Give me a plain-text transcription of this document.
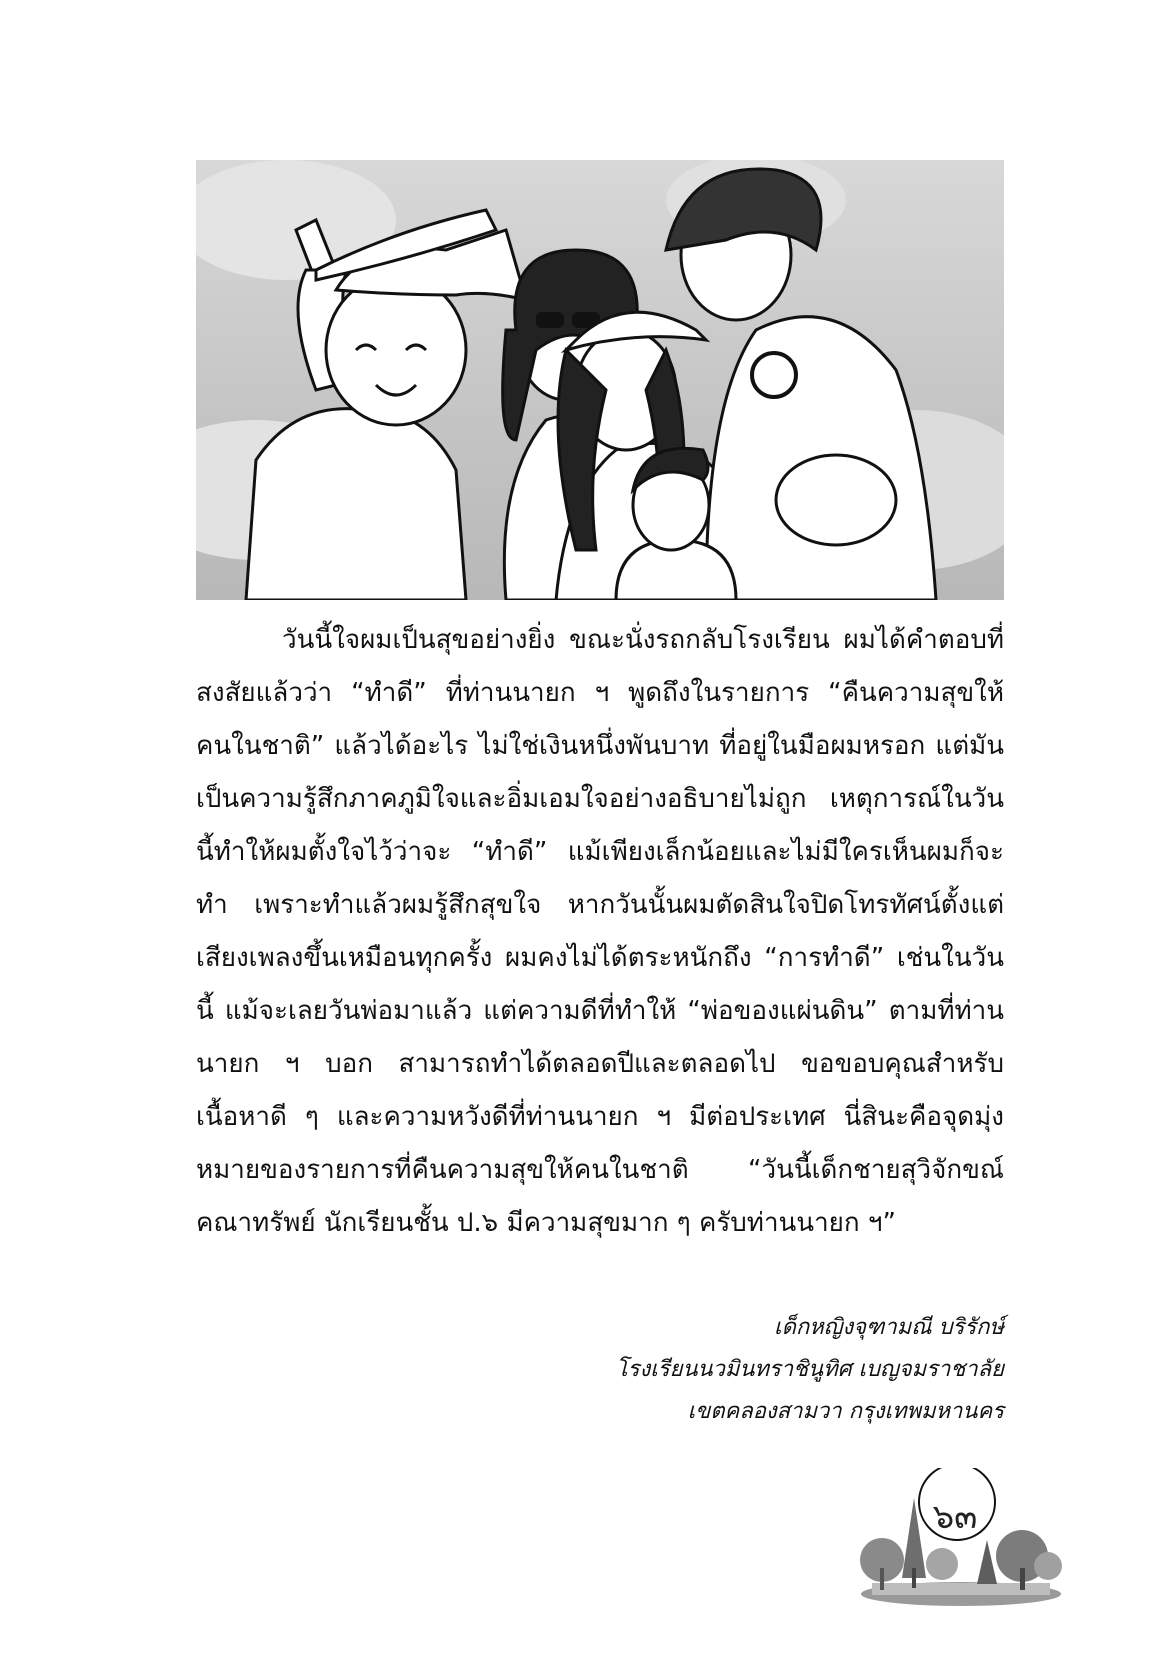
วันนี้ใจผมเป็นสุขอย่างยิ่ง ขณะนั่งรถกลับโรงเรียน ผมได้คำตอบที่สงสัยแล้วว่า “ทำดี” ที่ท่านนายก ฯ พูดถึงในรายการ “คืนความสุขให้คนในชาติ” แล้วได้อะไร ไม่ใช่เงินหนึ่งพันบาท ที่อยู่ในมือผมหรอก แต่มันเป็นความรู้สึกภาคภูมิใจและอิ่มเอมใจอย่างอธิบายไม่ถูก เหตุการณ์ในวันนี้ทำให้ผมตั้งใจไว้ว่าจะ “ทำดี” แม้เพียงเล็กน้อยและไม่มีใครเห็นผมก็จะทำ เพราะทำแล้วผมรู้สึกสุขใจ หากวันนั้นผมตัดสินใจปิดโทรทัศน์ตั้งแต่เสียงเพลงขึ้นเหมือนทุกครั้ง ผมคงไม่ได้ตระหนักถึง “การทำดี” เช่นในวันนี้ แม้จะเลยวันพ่อมาแล้ว แต่ความดีที่ทำให้ “พ่อของแผ่นดิน” ตามที่ท่านนายก ฯ บอก สามารถทำได้ตลอดปีและตลอดไป ขอขอบคุณสำหรับเนื้อหาดี ๆ และความหวังดีที่ท่านนายก ฯ มีต่อประเทศ นี่สินะคือจุดมุ่งหมายของรายการที่คืนความสุขให้คนในชาติ “วันนี้เด็กชายสุวิจักขณ์ คณาทรัพย์ นักเรียนชั้น ป.๖ มีความสุขมาก ๆ ครับท่านนายก ฯ”

เด็กหญิงจุฑามณี บริรักษ์
โรงเรียนนวมินทราชินูทิศ เบญจมราชาลัย
เขตคลองสามวา กรุงเทพมหานคร
๖๓
